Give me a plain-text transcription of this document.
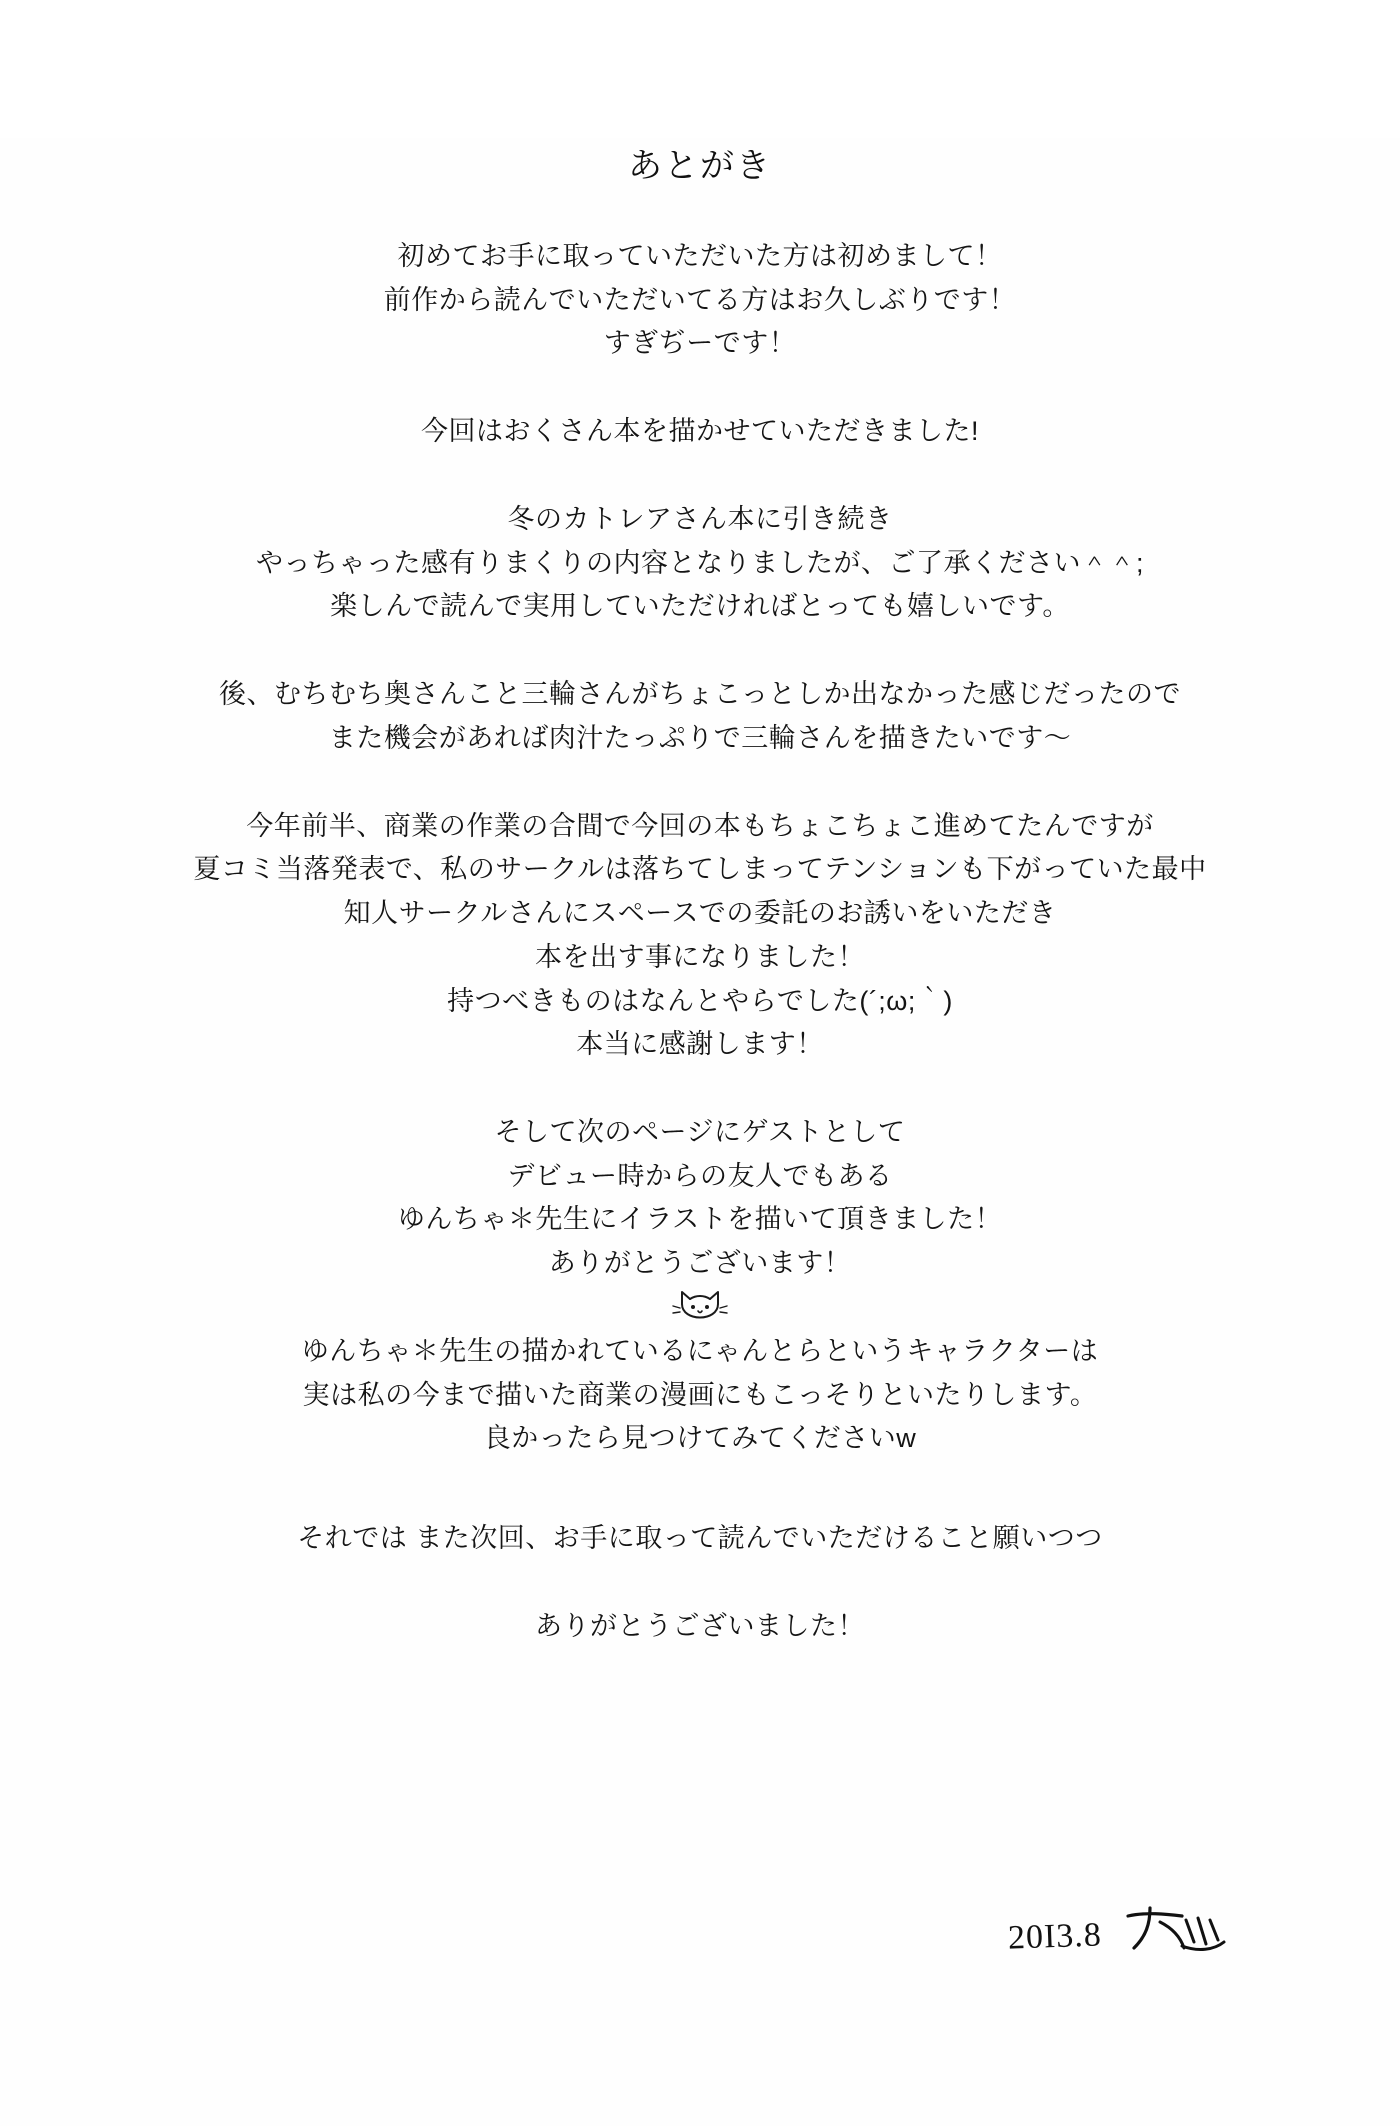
あとがき

初めてお手に取っていただいた方は初めまして！

前作から読んでいただいてる方はお久しぶりです！

すぎぢーです！

今回はおくさん本を描かせていただきました!

冬のカトレアさん本に引き続き

やっちゃった感有りまくりの内容となりましたが、ご了承ください＾＾;

楽しんで読んで実用していただければとっても嬉しいです。

後、むちむち奥さんこと三輪さんがちょこっとしか出なかった感じだったので

また機会があれば肉汁たっぷりで三輪さんを描きたいです〜

今年前半、商業の作業の合間で今回の本もちょこちょこ進めてたんですが

夏コミ当落発表で、私のサークルは落ちてしまってテンションも下がっていた最中

知人サークルさんにスペースでの委託のお誘いをいただき

本を出す事になりました！

持つべきものはなんとやらでした(´;ω;｀)

本当に感謝します！

そして次のページにゲストとして

デビュー時からの友人でもある

ゆんちゃ＊先生にイラストを描いて頂きました！

ありがとうございます！

ゆんちゃ＊先生の描かれているにゃんとらというキャラクターは

実は私の今まで描いた商業の漫画にもこっそりといたりします。

良かったら見つけてみてくださいw

それでは また次回、お手に取って読んでいただけること願いつつ

ありがとうございました！

20I3.8
